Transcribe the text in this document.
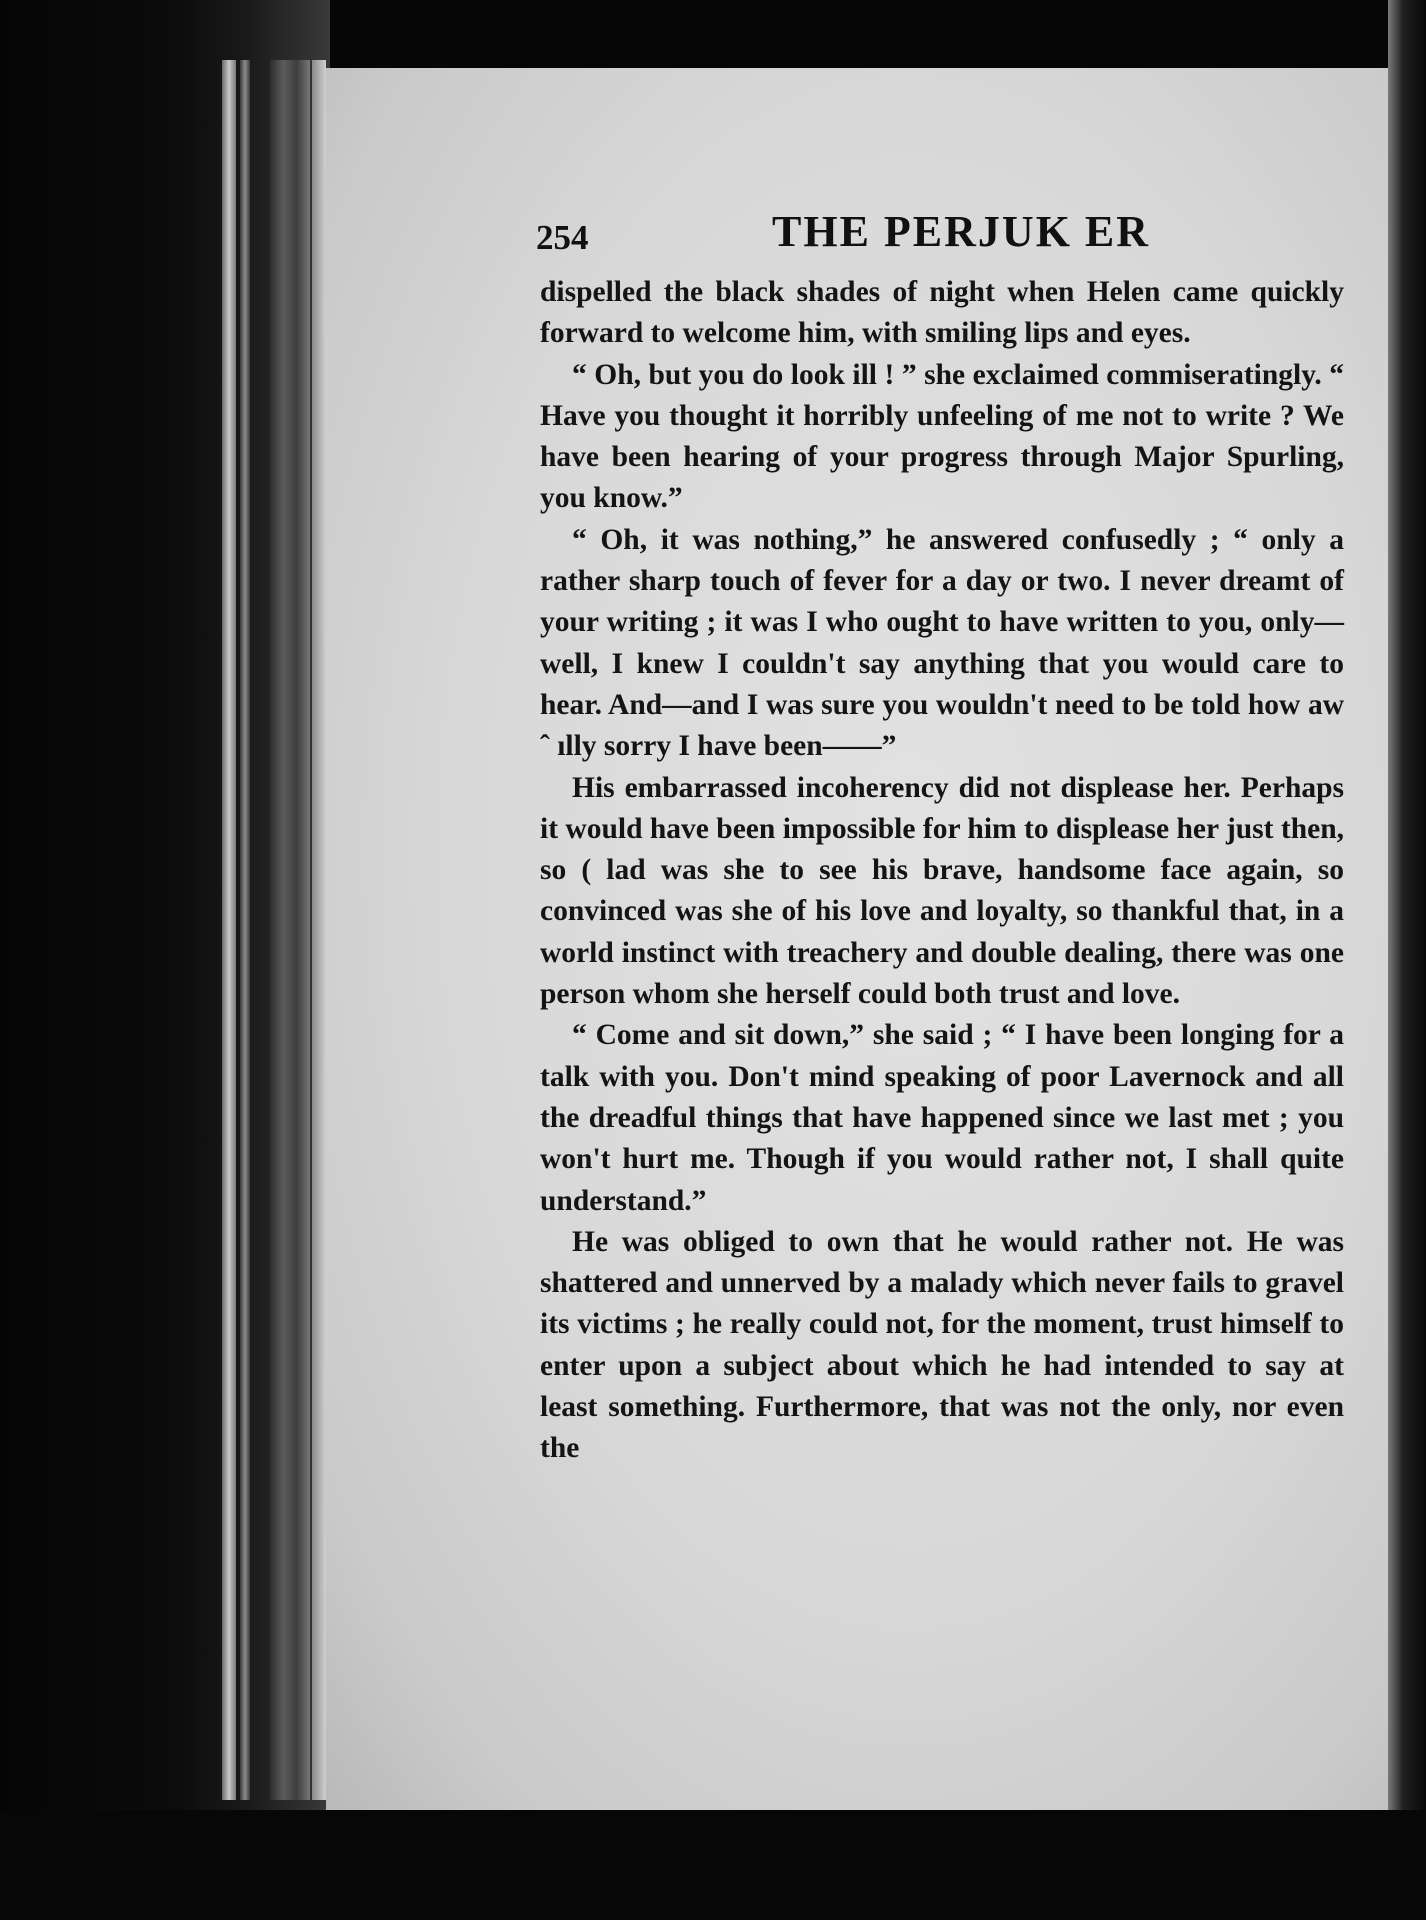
254	THE PERJUK ER

dispelled the black shades of night when Helen came quickly forward to welcome him, with smiling lips and eyes.

“ Oh, but you do look ill ! ” she exclaimed commiseratingly. “ Have you thought it horribly unfeeling of me not to write ? We have been hearing of your progress through Major Spurling, you know.”

“ Oh, it was nothing,” he answered confusedly ; “ only a rather sharp touch of fever for a day or two. I never dreamt of your writing ; it was I who ought to have written to you, only—well, I knew I couldn't say anything that you would care to hear. And—and I was sure you wouldn't need to be told how aw ˆ ılly sorry I have been——”

His embarrassed incoherency did not displease her. Perhaps it would have been impossible for him to displease her just then, so ( lad was she to see his brave, handsome face again, so convinced was she of his love and loyalty, so thankful that, in a world instinct with treachery and double dealing, there was one person whom she herself could both trust and love.

“ Come and sit down,” she said ; “ I have been longing for a talk with you. Don't mind speaking of poor Lavernock and all the dreadful things that have happened since we last met ; you won't hurt me. Though if you would rather not, I shall quite understand.”

He was obliged to own that he would rather not. He was shattered and unnerved by a malady which never fails to gravel its victims ; he really could not, for the moment, trust himself to enter upon a subject about which he had intended to say at least something. Furthermore, that was not the only, nor even the
